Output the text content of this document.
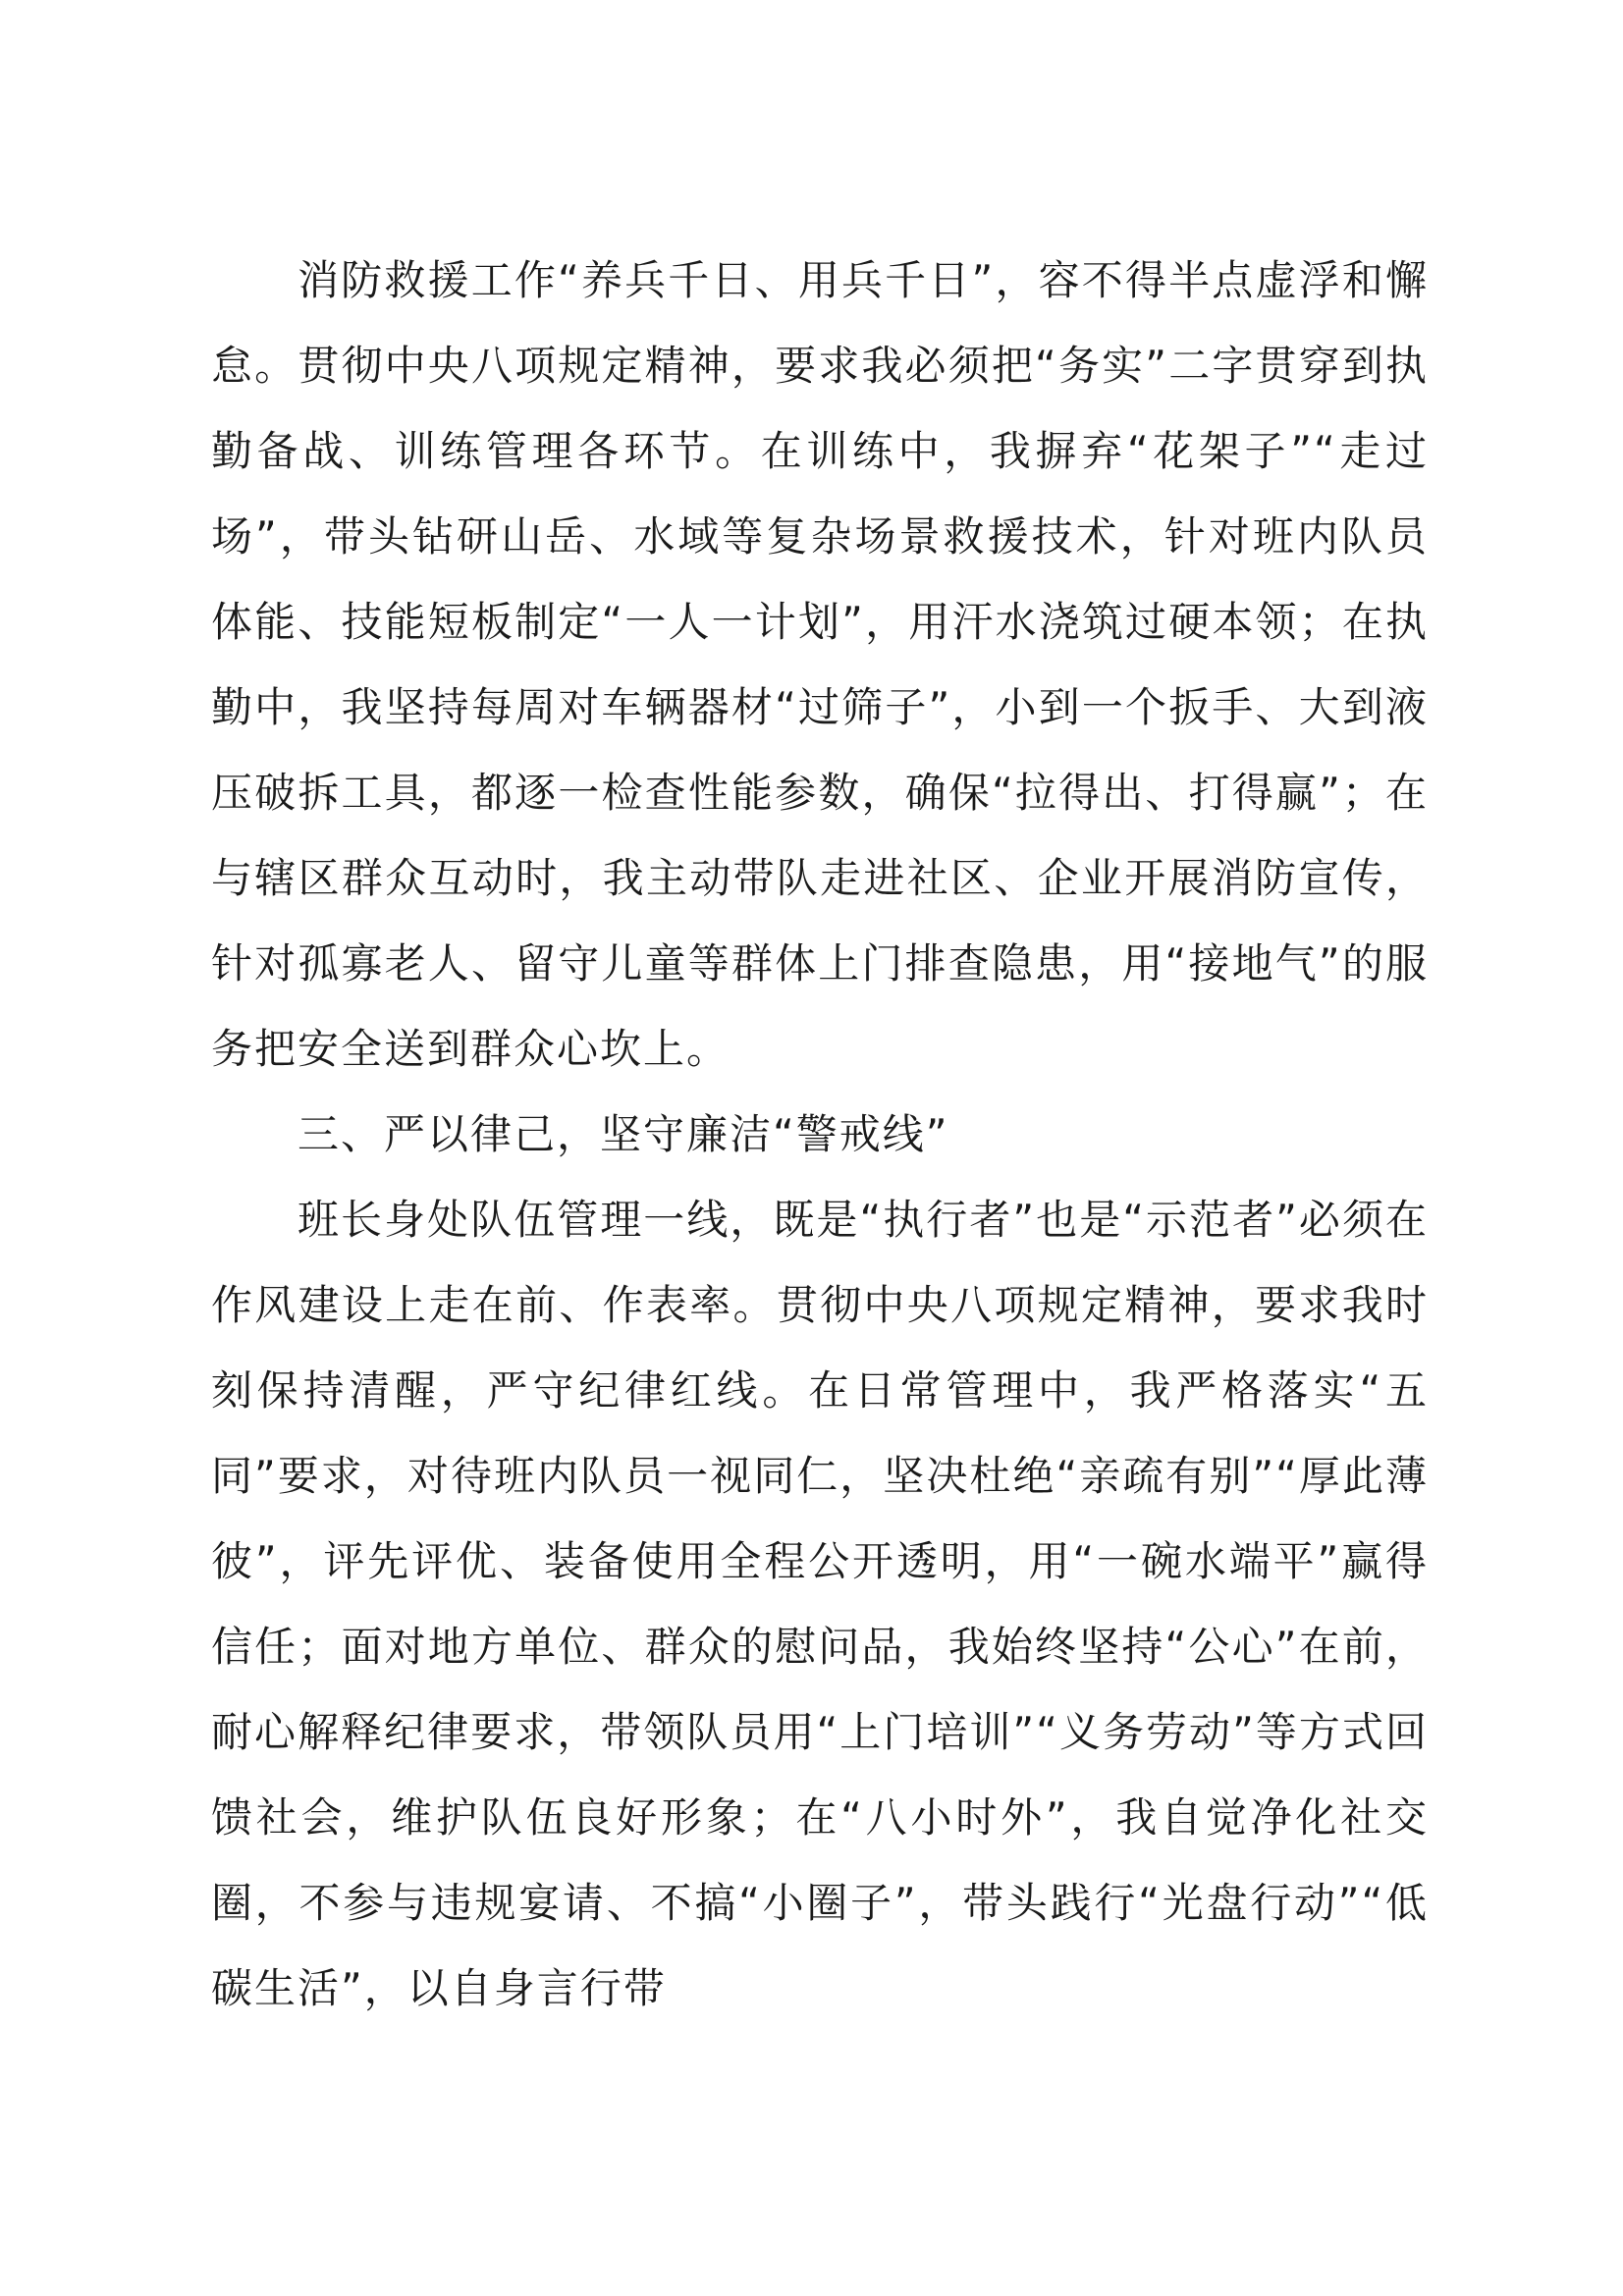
消防救援工作“养兵千日、用兵千日”，容不得半点虚浮和懈怠。贯彻中央八项规定精神，要求我必须把“务实”二字贯穿到执勤备战、训练管理各环节。在训练中，我摒弃“花架子”“走过场”，带头钻研山岳、水域等复杂场景救援技术，针对班内队员体能、技能短板制定“一人一计划”，用汗水浇筑过硬本领；在执勤中，我坚持每周对车辆器材“过筛子”，小到一个扳手、大到液压破拆工具，都逐一检查性能参数，确保“拉得出、打得赢”；在与辖区群众互动时，我主动带队走进社区、企业开展消防宣传，针对孤寡老人、留守儿童等群体上门排查隐患，用“接地气”的服务把安全送到群众心坎上。

三、严以律己，坚守廉洁“警戒线”

班长身处队伍管理一线，既是“执行者”也是“示范者”必须在作风建设上走在前、作表率。贯彻中央八项规定精神，要求我时刻保持清醒，严守纪律红线。在日常管理中，我严格落实“五同”要求，对待班内队员一视同仁，坚决杜绝“亲疏有别”“厚此薄彼”，评先评优、装备使用全程公开透明，用“一碗水端平”赢得信任；面对地方单位、群众的慰问品，我始终坚持“公心”在前，耐心解释纪律要求，带领队员用“上门培训”“义务劳动”等方式回馈社会，维护队伍良好形象；在“八小时外”，我自觉净化社交圈，不参与违规宴请、不搞“小圈子”，带头践行“光盘行动”“低碳生活”，以自身言行带
